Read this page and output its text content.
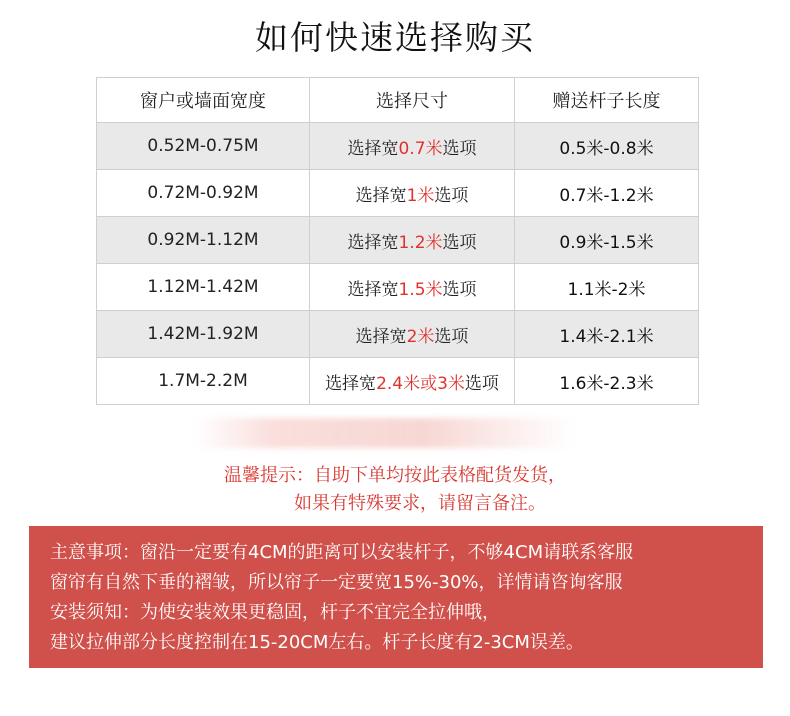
如何快速选择购买
窗户或墙面宽度	选择尺寸	赠送杆子长度
0.52M-0.75M	选择宽0.7米选项	0.5米-0.8米
0.72M-0.92M	选择宽1米选项	0.7米-1.2米
0.92M-1.12M	选择宽1.2米选项	0.9米-1.5米
1.12M-1.42M	选择宽1.5米选项	1.1米-2米
1.42M-1.92M	选择宽2米选项	1.4米-2.1米
1.7M-2.2M	选择宽2.4米或3米选项	1.6米-2.3米
温馨提示：自助下单均按此表格配货发货，
如果有特殊要求，请留言备注。
主意事项：窗沿一定要有4CM的距离可以安装杆子，不够4CM请联系客服
窗帘有自然下垂的褶皱，所以帘子一定要宽15%-30%，详情请咨询客服
安装须知：为使安装效果更稳固，杆子不宜完全拉伸哦，
建议拉伸部分长度控制在15-20CM左右。杆子长度有2-3CM误差。
